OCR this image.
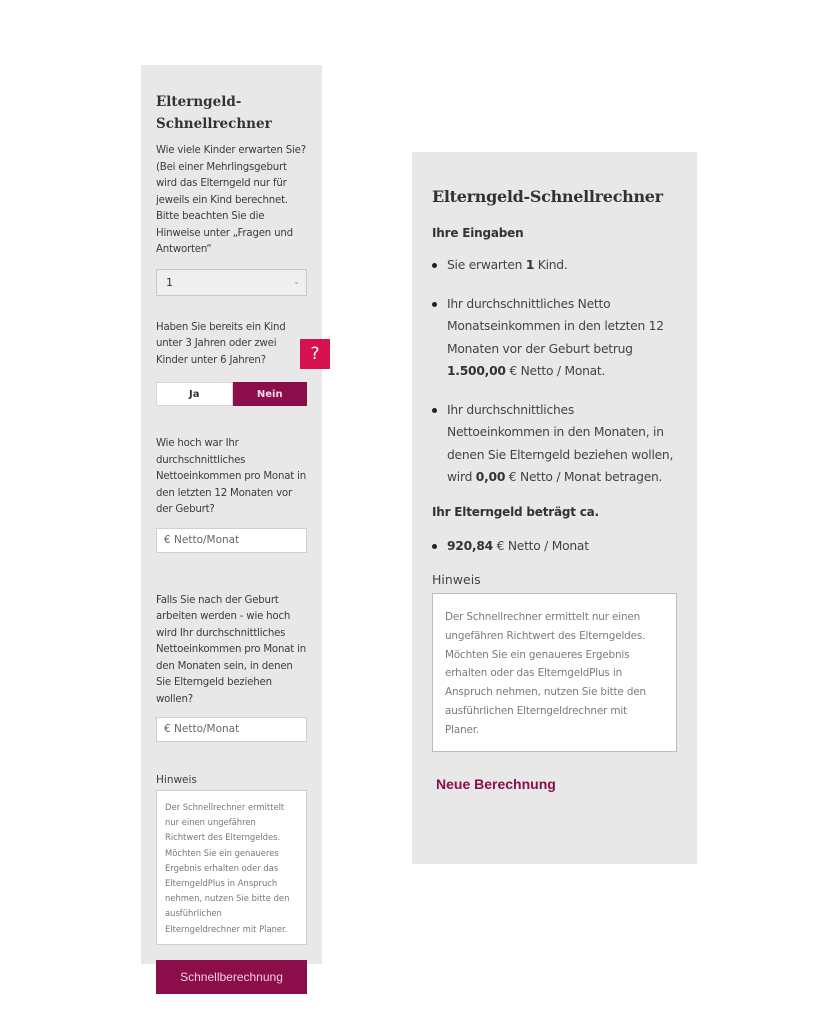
Elterngeld-
Schnellrechner
Wie viele Kinder erwarten Sie? (Bei einer Mehrlingsgeburt wird das Elterngeld nur für jeweils ein Kind berechnet. Bitte beachten Sie die Hinweise unter „Fragen und Antworten“
1	⌄
Haben Sie bereits ein Kind unter 3 Jahren oder zwei Kinder unter 6 Jahren?
Ja	Nein
?
Wie hoch war Ihr durchschnittliches Nettoeinkommen pro Monat in den letzten 12 Monaten vor der Geburt?
€ Netto/Monat
Falls Sie nach der Geburt arbeiten werden - wie hoch wird Ihr durchschnittliches Nettoeinkommen pro Monat in den Monaten sein, in denen Sie Elterngeld beziehen wollen?
€ Netto/Monat
Hinweis
Der Schnellrechner ermittelt nur einen ungefähren Richtwert des Elterngeldes. Möchten Sie ein genaueres Ergebnis erhalten oder das ElterngeldPlus in Anspruch nehmen, nutzen Sie bitte den ausführlichen Elterngeldrechner mit Planer.
Schnellberechnung
Elterngeld-Schnellrechner
Ihre Eingaben
Sie erwarten 1 Kind.
Ihr durchschnittliches Netto Monatseinkommen in den letzten 12 Monaten vor der Geburt betrug 1.500,00 € Netto / Monat.
Ihr durchschnittliches Nettoeinkommen in den Monaten, in denen Sie Elterngeld beziehen wollen, wird 0,00 € Netto / Monat betragen.
Ihr Elterngeld beträgt ca.
920,84 € Netto / Monat
Hinweis
Der Schnellrechner ermittelt nur einen ungefähren Richtwert des Elterngeldes. Möchten Sie ein genaueres Ergebnis erhalten oder das ElterngeldPlus in Anspruch nehmen, nutzen Sie bitte den ausführlichen Elterngeldrechner mit Planer.
Neue Berechnung
